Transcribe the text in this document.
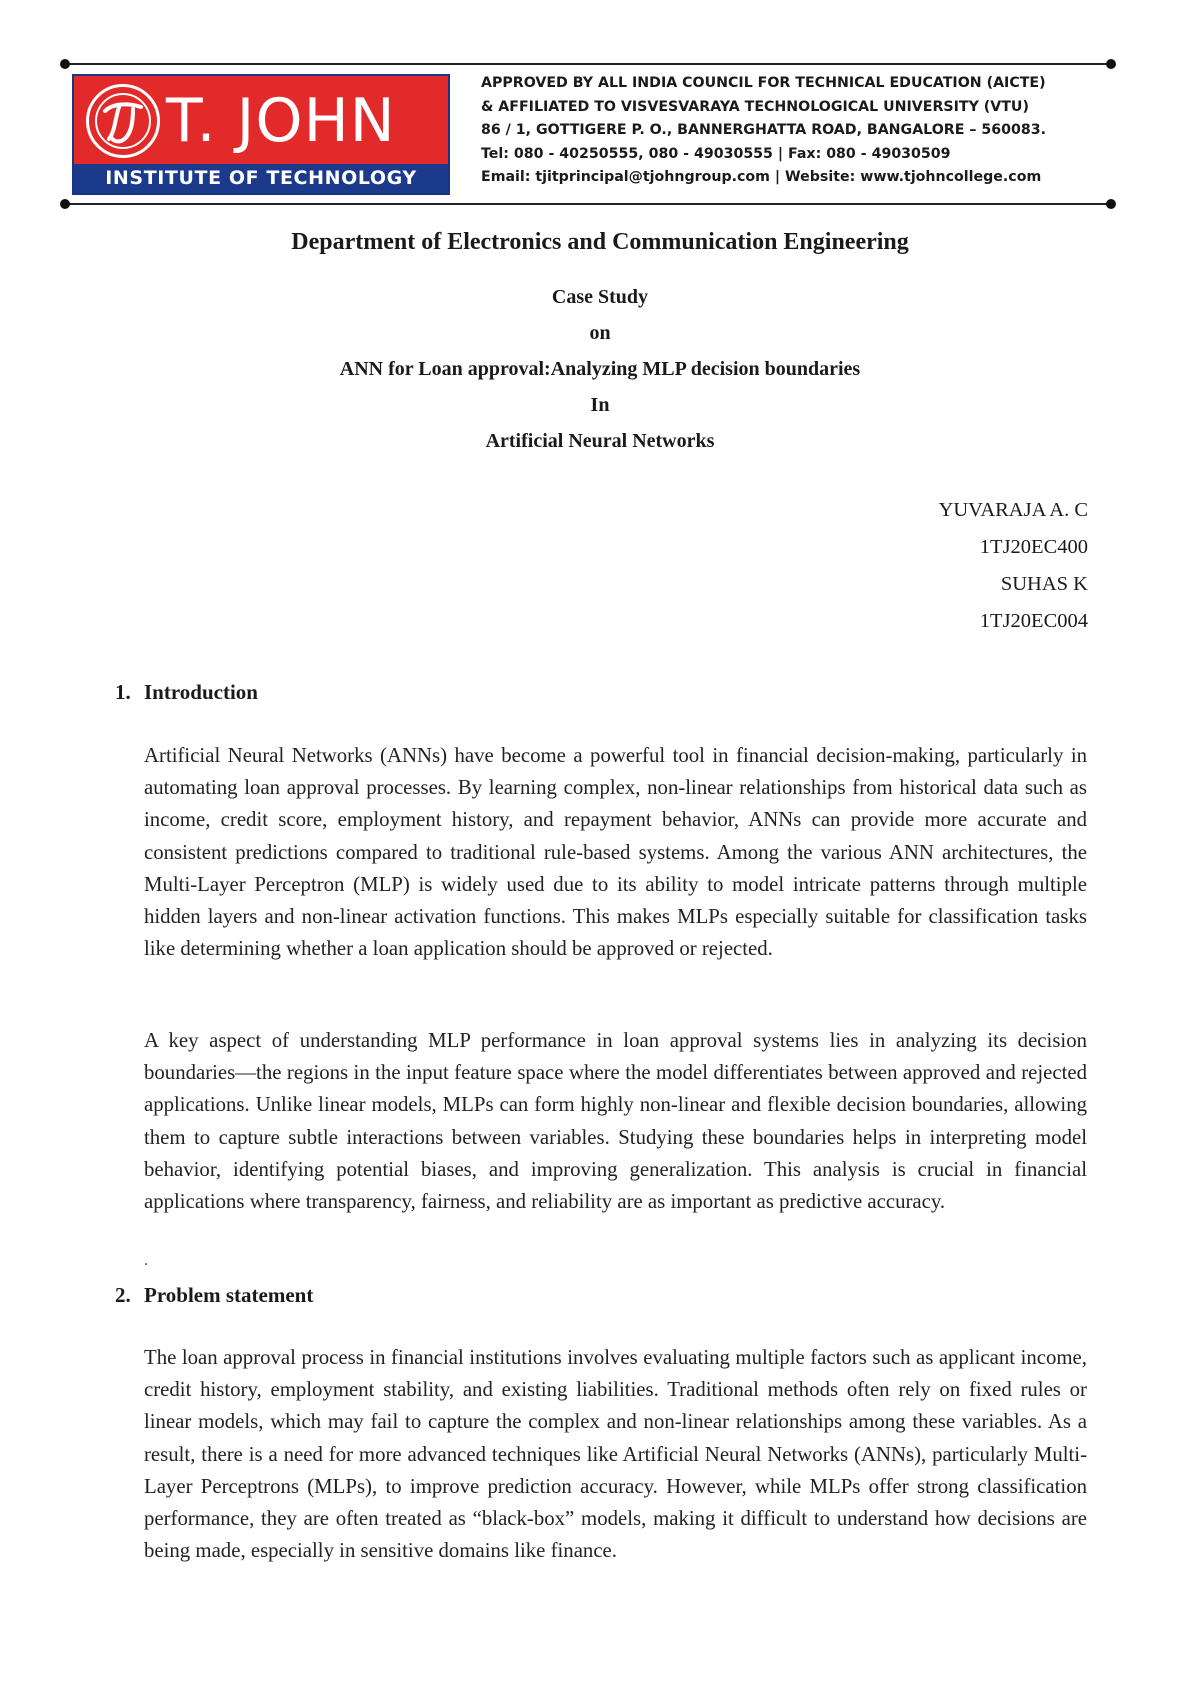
T. JOHN
INSTITUTE OF TECHNOLOGY
APPROVED BY ALL INDIA COUNCIL FOR TECHNICAL EDUCATION (AICTE)
& AFFILIATED TO VISVESVARAYA TECHNOLOGICAL UNIVERSITY (VTU)
86 / 1, GOTTIGERE P. O., BANNERGHATTA ROAD, BANGALORE – 560083.
Tel: 080 - 40250555, 080 - 49030555 | Fax: 080 - 49030509
Email: tjitprincipal@tjohngroup.com | Website: www.tjohncollege.com
Department of Electronics and Communication Engineering
Case Study
on
ANN for Loan approval:Analyzing MLP decision boundaries
In
Artificial Neural Networks
YUVARAJA A. C
1TJ20EC400
SUHAS K
1TJ20EC004
1. Introduction
Artificial Neural Networks (ANNs) have become a powerful tool in financial decision-making, particularly in automating loan approval processes. By learning complex, non-linear relationships from historical data such as income, credit score, employment history, and repayment behavior, ANNs can provide more accurate and consistent predictions compared to traditional rule-based systems. Among the various ANN architectures, the Multi-Layer Perceptron (MLP) is widely used due to its ability to model intricate patterns through multiple hidden layers and non-linear activation functions. This makes MLPs especially suitable for classification tasks like determining whether a loan application should be approved or rejected.
A key aspect of understanding MLP performance in loan approval systems lies in analyzing its decision boundaries—the regions in the input feature space where the model differentiates between approved and rejected applications. Unlike linear models, MLPs can form highly non-linear and flexible decision boundaries, allowing them to capture subtle interactions between variables. Studying these boundaries helps in interpreting model behavior, identifying potential biases, and improving generalization. This analysis is crucial in financial applications where transparency, fairness, and reliability are as important as predictive accuracy.
.
2. Problem statement
The loan approval process in financial institutions involves evaluating multiple factors such as applicant income, credit history, employment stability, and existing liabilities. Traditional methods often rely on fixed rules or linear models, which may fail to capture the complex and non-linear relationships among these variables. As a result, there is a need for more advanced techniques like Artificial Neural Networks (ANNs), particularly Multi-Layer Perceptrons (MLPs), to improve prediction accuracy. However, while MLPs offer strong classification performance, they are often treated as “black-box” models, making it difficult to understand how decisions are being made, especially in sensitive domains like finance.
